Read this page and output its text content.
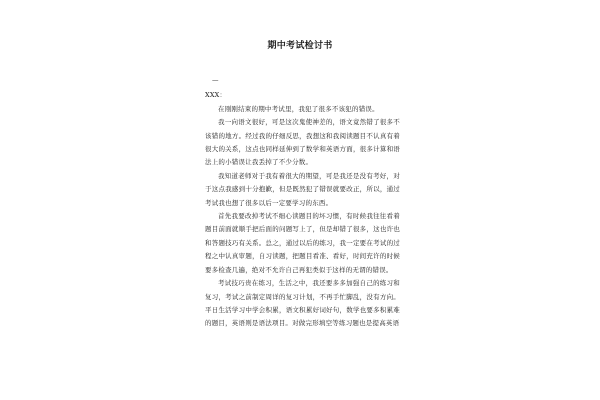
期中考试检讨书
—
XXX：
在刚刚结束的期中考试里，我犯了很多不该犯的错误。
我一向语文很好，可是这次鬼使神差的，语文竟然错了很多不该错的地方。经过我的仔细反思，我想这和我阅读题目不认真有着很大的关系，这点也同样延伸到了数学和英语方面，很多计算和语法上的小错误让我丢掉了不少分数。
我知道老师对于我有着很大的期望，可是我还是没有考好，对于这点我感到十分抱歉，但是既然犯了错误就要改正，所以，通过考试我也想了很多以后一定要学习的东西。
首先我要改掉考试不细心读题目的坏习惯，有时候我往往看着题目前面就顺手把后面的问题写上了，但是却错了很多，这也许也和答题技巧有关系。总之，通过以后的练习，我一定要在考试的过程之中认真审题，自习读题，把题目看准、看好，时间充许的时候要多检查几遍，绝对不允许自己再犯类似于这样的无谓的错误。
考试技巧贵在练习，生活之中，我还要多多加强自己的练习和复习，考试之前制定周详的复习计划，不再手忙脚乱，没有方向。平日生活学习中学会积累，语文积累好词好句，数学也要多积累难的题目，英语则是语法项目。对做完形填空等练习题也是提高英语
